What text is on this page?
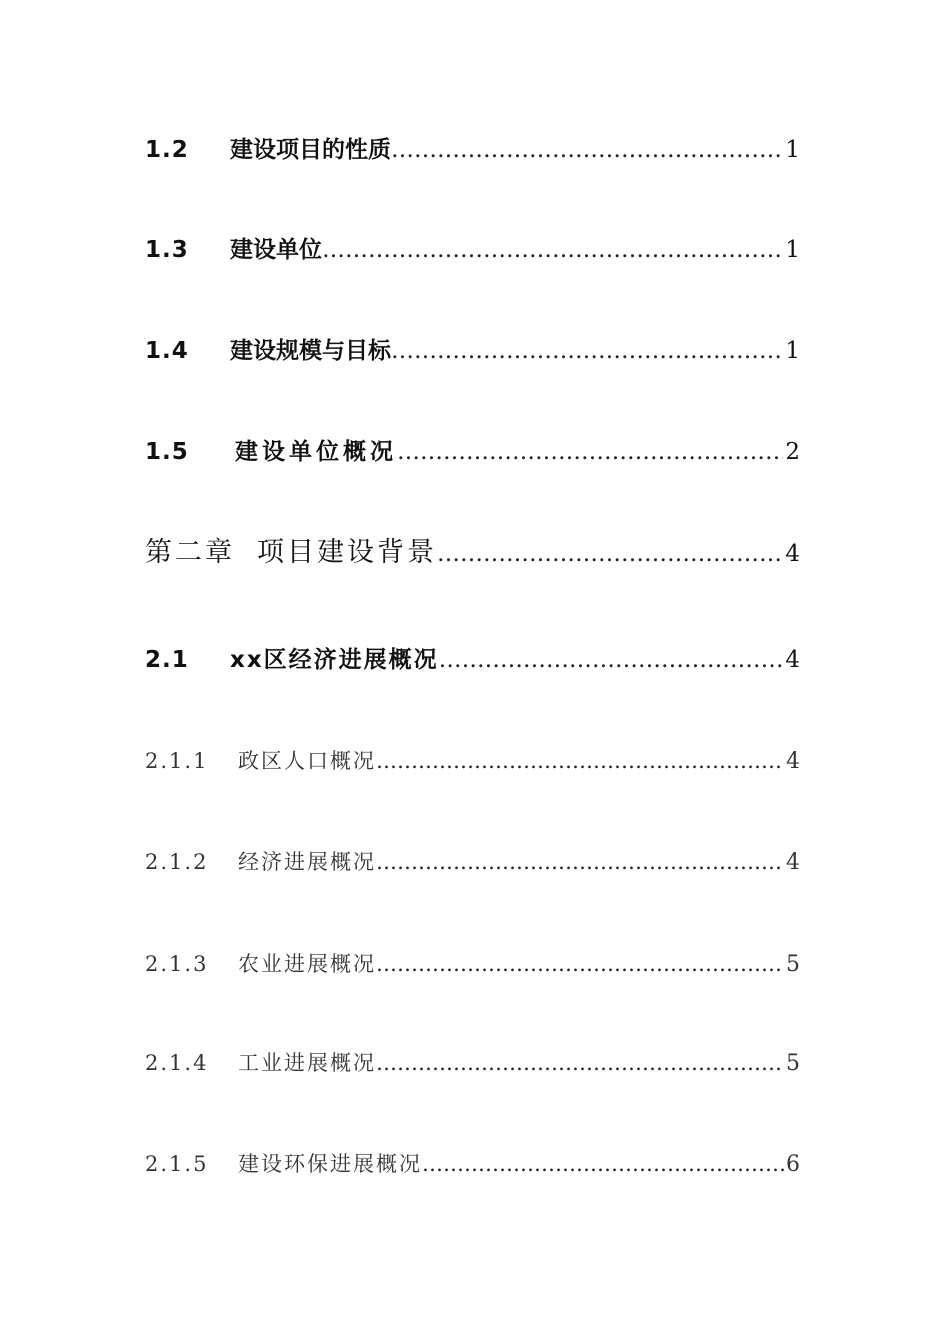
1.2	建设项目的性质 …………………………………………………………………………………………………………………………	1
1.3	建设单位 …………………………………………………………………………………………………………………………	1
1.4	建设规模与目标 …………………………………………………………………………………………………………………………	1
1.5	建设单位概况 …………………………………………………………………………………………………………………………	2
第二章 项目建设背景 …………………………………………………………………………………………………………………………	4
2.1	xx区经济进展概况 …………………………………………………………………………………………………………………………	4
2.1.1	政区人口概况 …………………………………………………………………………………………………………………………	4
2.1.2	经济进展概况 …………………………………………………………………………………………………………………………	4
2.1.3	农业进展概况 …………………………………………………………………………………………………………………………	5
2.1.4	工业进展概况 …………………………………………………………………………………………………………………………	5
2.1.5	建设环保进展概况 …………………………………………………………………………………………………………………………	6
